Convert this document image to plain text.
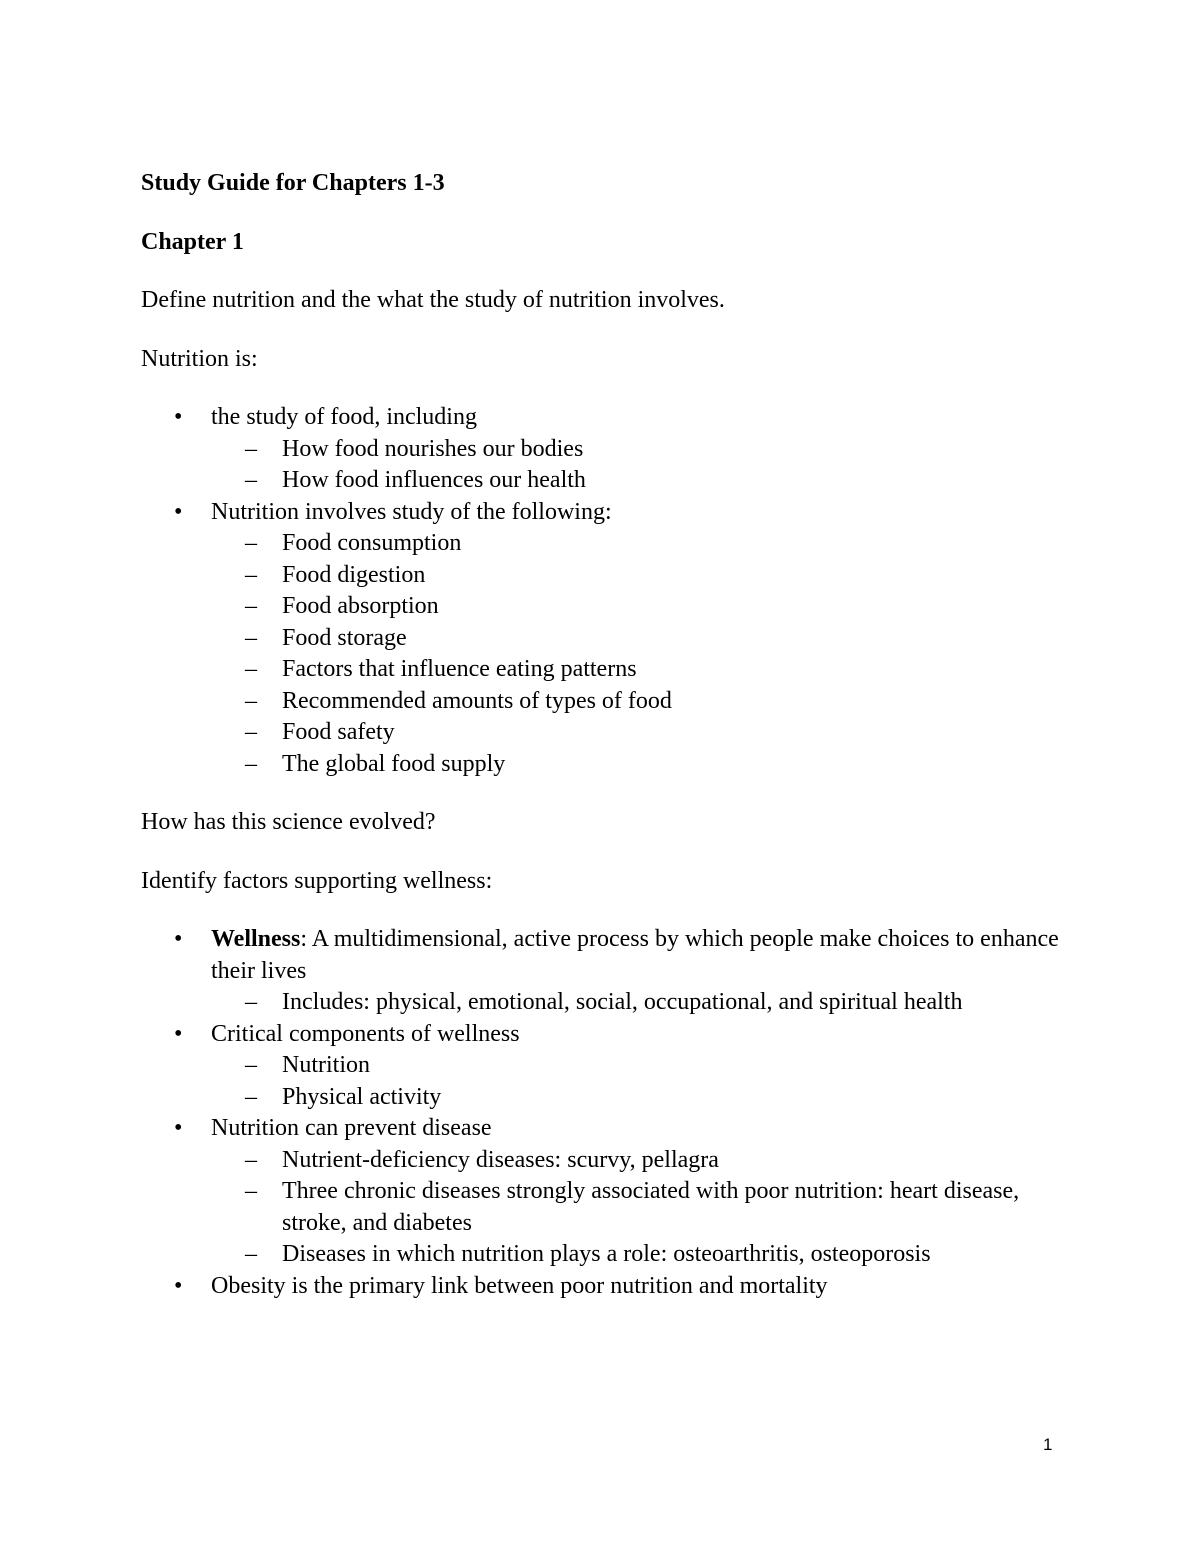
Study Guide for Chapters 1-3

Chapter 1

Define nutrition and the what the study of nutrition involves.

Nutrition is:

•	the study of food, including
–	How food nourishes our bodies
–	How food influences our health
•	Nutrition involves study of the following:
–	Food consumption
–	Food digestion
–	Food absorption
–	Food storage
–	Factors that influence eating patterns
–	Recommended amounts of types of food
–	Food safety
–	The global food supply

How has this science evolved?

Identify factors supporting wellness:

•	Wellness: A multidimensional, active process by which people make choices to enhance their lives
–	Includes: physical, emotional, social, occupational, and spiritual health
•	Critical components of wellness
–	Nutrition
–	Physical activity
•	Nutrition can prevent disease
–	Nutrient-deficiency diseases: scurvy, pellagra
–	Three chronic diseases strongly associated with poor nutrition: heart disease, stroke, and diabetes
–	Diseases in which nutrition plays a role: osteoarthritis, osteoporosis
•	Obesity is the primary link between poor nutrition and mortality
1
